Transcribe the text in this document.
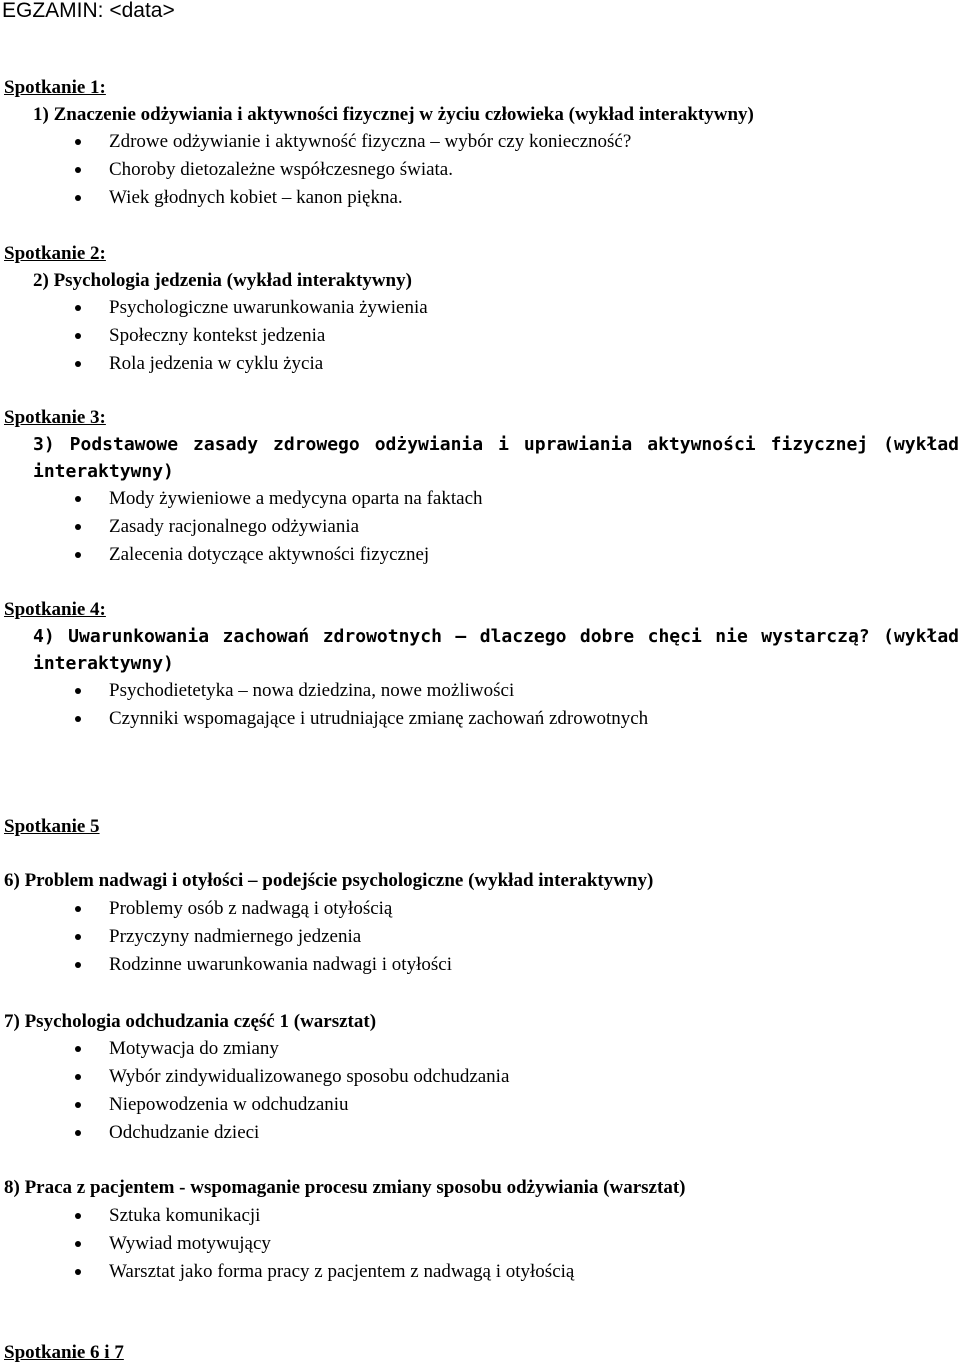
EGZAMIN: <data>
Spotkanie 1:
1) Znaczenie odżywiania i aktywności fizycznej w życiu człowieka (wykład interaktywny)
Zdrowe odżywianie i aktywność fizyczna – wybór czy konieczność?
Choroby dietozależne współczesnego świata.
Wiek głodnych kobiet – kanon piękna.
Spotkanie 2:
2) Psychologia jedzenia (wykład interaktywny)
Psychologiczne uwarunkowania żywienia
Społeczny kontekst jedzenia
Rola jedzenia w cyklu życia
Spotkanie 3:
3) Podstawowe zasady zdrowego odżywiania i uprawiania aktywności fizycznej (wykład
interaktywny)
Mody żywieniowe a medycyna oparta na faktach
Zasady racjonalnego odżywiania
Zalecenia dotyczące aktywności fizycznej
Spotkanie 4:
4) Uwarunkowania zachowań zdrowotnych – dlaczego dobre chęci nie wystarczą? (wykład
interaktywny)
Psychodietetyka – nowa dziedzina, nowe możliwości
Czynniki wspomagające i utrudniające zmianę zachowań zdrowotnych
Spotkanie 5
6) Problem nadwagi i otyłości – podejście psychologiczne (wykład interaktywny)
Problemy osób z nadwagą i otyłością
Przyczyny nadmiernego jedzenia
Rodzinne uwarunkowania nadwagi i otyłości
7) Psychologia odchudzania część 1 (warsztat)
Motywacja do zmiany
Wybór zindywidualizowanego sposobu odchudzania
Niepowodzenia w odchudzaniu
Odchudzanie dzieci
8) Praca z pacjentem - wspomaganie procesu zmiany sposobu odżywiania (warsztat)
Sztuka komunikacji
Wywiad motywujący
Warsztat jako forma pracy z pacjentem z nadwagą i otyłością
Spotkanie 6 i 7
